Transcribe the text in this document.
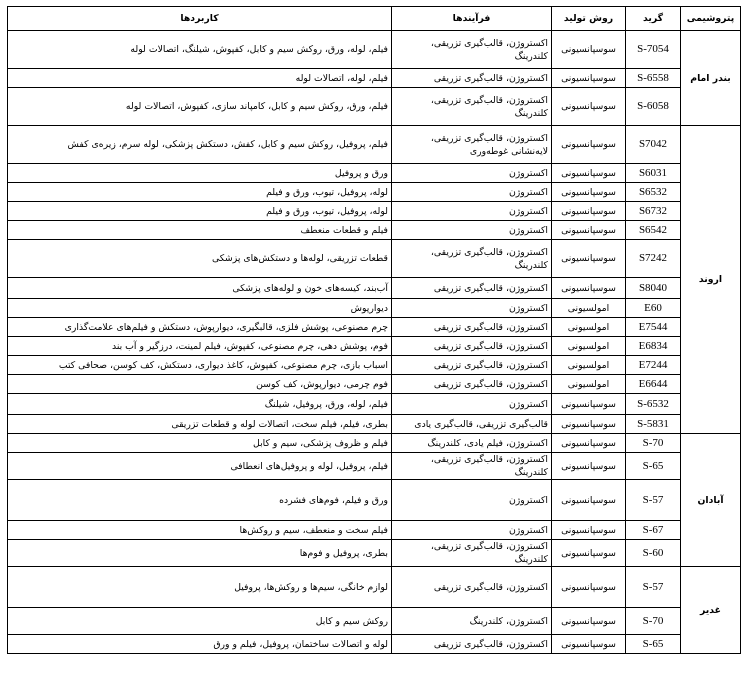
پتروشیمی	گرید	روش تولید	فرآیندها	کاربردها
بندر امام	S-7054	سوسپانسیونی	اکستروژن، قالب‌گیری تزریقی، کلندرینگ	فیلم، لوله، ورق، روکش سیم و کابل، کفپوش، شیلنگ، اتصالات لوله
	S-6558	سوسپانسیونی	اکستروژن، قالب‌گیری تزریقی	فیلم، لوله، اتصالات لوله
	S-6058	سوسپانسیونی	اکستروژن، قالب‌گیری تزریقی، کلندرینگ	فیلم، ورق، روکش سیم و کابل، کامپاند سازی، کفپوش، اتصالات لوله
اروند	S7042	سوسپانسیونی	اکستروژن، قالب‌گیری تزریقی، لایه‌نشانی غوطه‌وری	فیلم، پروفیل، روکش سیم و کابل، کفش، دستکش پزشکی، لوله سرم، زیره‌ی کفش
	S6031	سوسپانسیونی	اکستروژن	ورق و پروفیل
	S6532	سوسپانسیونی	اکستروژن	لوله، پروفیل، تیوب، ورق و فیلم
	S6732	سوسپانسیونی	اکستروژن	لوله، پروفیل، تیوب، ورق و فیلم
	S6542	سوسپانسیونی	اکستروژن	فیلم و قطعات منعطف
	S7242	سوسپانسیونی	اکستروژن، قالب‌گیری تزریقی، کلندرینگ	قطعات تزریقی، لوله‌ها و دستکش‌های پزشکی
	S8040	سوسپانسیونی	اکستروژن، قالب‌گیری تزریقی	آب‌بند، کیسه‌های خون و لوله‌های پزشکی
	E60	امولسیونی	اکستروژن	دیوارپوش
	E7544	امولسیونی	اکستروژن، قالب‌گیری تزریقی	چرم مصنوعی، پوشش فلزی، قالبگیری، دیوارپوش، دستکش و فیلم‌های علامت‌گذاری
	E6834	امولسیونی	اکستروژن، قالب‌گیری تزریقی	فوم، پوشش دهی، چرم مصنوعی، کفپوش، فیلم لمینت، درزگیر و آب بند
	E7244	امولسیونی	اکستروژن، قالب‌گیری تزریقی	اسباب بازی، چرم مصنوعی، کفپوش، کاغذ دیواری، دستکش، کف کوسن، صحافی کتب
	E6644	امولسیونی	اکستروژن، قالب‌گیری تزریقی	فوم چرمی، دیوارپوش، کف کوسن
	S-6532	سوسپانسیونی	اکستروژن	فیلم، لوله، ورق، پروفیل، شیلنگ
	S-5831	سوسپانسیونی	قالب‌گیری تزریقی، قالب‌گیری یادی	بطری، فیلم، فیلم سخت، اتصالات لوله و قطعات تزریقی
آبادان	S-70	سوسپانسیونی	اکستروژن، فیلم یادی، کلندرینگ	فیلم و ظروف پزشکی، سیم و کابل
	S-65	سوسپانسیونی	اکستروژن، قالب‌گیری تزریقی، کلندرینگ	فیلم، پروفیل، لوله و پروفیل‌های انعطافی
	S-57	سوسپانسیونی	اکستروژن	ورق و فیلم، فوم‌های فشرده
	S-67	سوسپانسیونی	اکستروژن	فیلم سخت و منعطف، سیم و روکش‌ها
	S-60	سوسپانسیونی	اکستروژن، قالب‌گیری تزریقی، کلندرینگ	بطری، پروفیل و فوم‌ها
غدیر	S-57	سوسپانسیونی	اکستروژن، قالب‌گیری تزریقی	لوازم خانگی، سیم‌ها و روکش‌ها، پروفیل
	S-70	سوسپانسیونی	اکستروژن، کلندرینگ	روکش سیم و کابل
	S-65	سوسپانسیونی	اکستروژن، قالب‌گیری تزریقی	لوله و اتصالات ساختمان، پروفیل، فیلم و ورق
